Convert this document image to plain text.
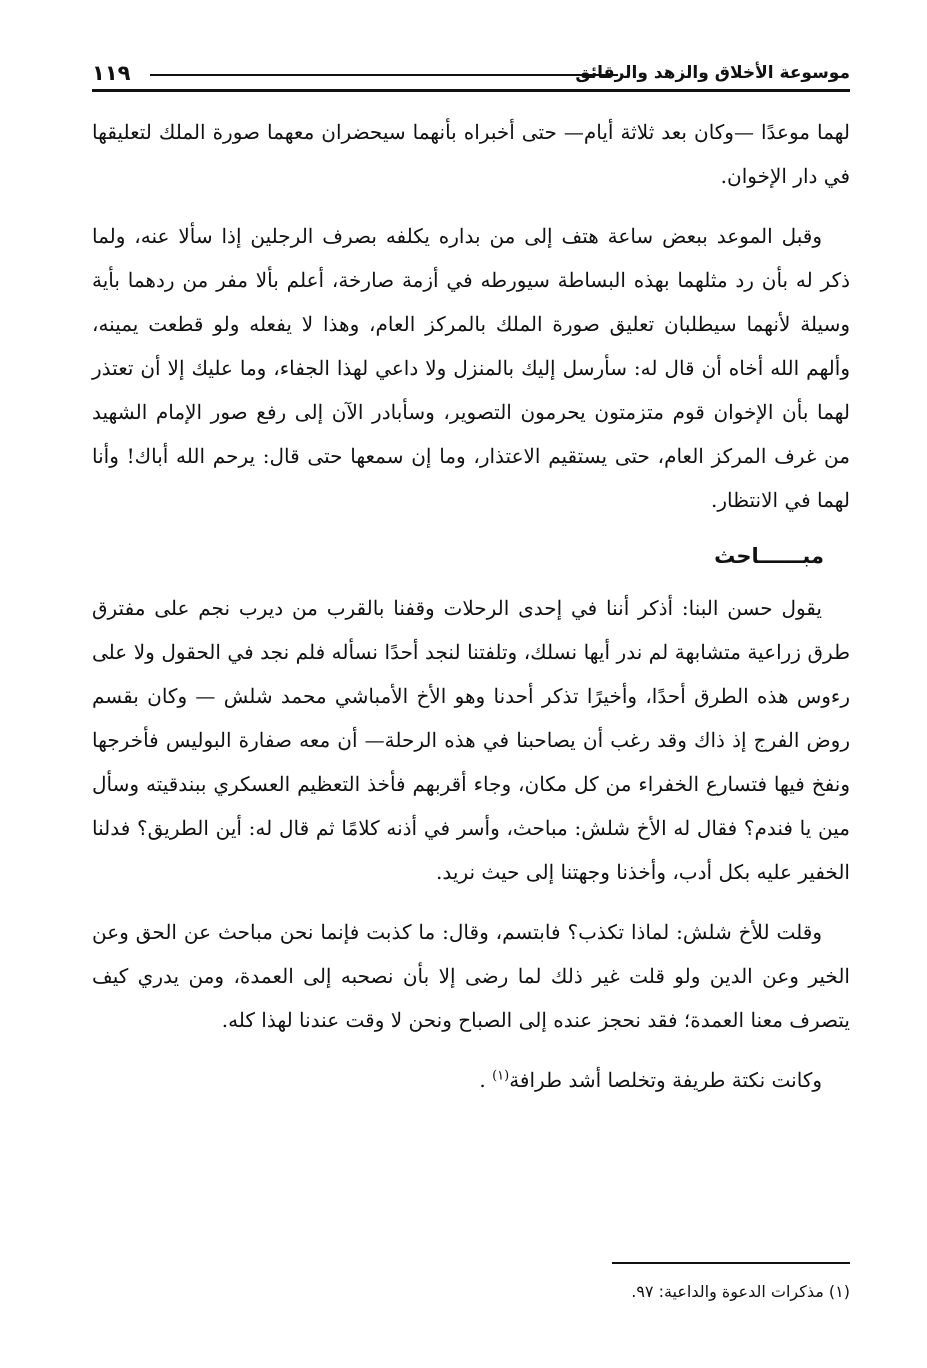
موسوعة الأخلاق والزهد والرقائق
١١٩

لهما موعدًا —وكان بعد ثلاثة أيام— حتى أخبراه بأنهما سيحضران معهما صورة الملك لتعليقها في دار الإخوان.

وقبل الموعد ببعض ساعة هتف إلى من بداره يكلفه بصرف الرجلين إذا سألا عنه، ولما ذكر له بأن رد مثلهما بهذه البساطة سيورطه في أزمة صارخة، أعلم بألا مفر من ردهما بأية وسيلة لأنهما سيطلبان تعليق صورة الملك بالمركز العام، وهذا لا يفعله ولو قطعت يمينه، وألهم الله أخاه أن قال له: سأرسل إليك بالمنزل ولا داعي لهذا الجفاء، وما عليك إلا أن تعتذر لهما بأن الإخوان قوم متزمتون يحرمون التصوير، وسأبادر الآن إلى رفع صور الإمام الشهيد من غرف المركز العام، حتى يستقيم الاعتذار، وما إن سمعها حتى قال: يرحم الله أباك! وأنا لهما في الانتظار.

مبــــــاحث

يقول حسن البنا: أذكر أننا في إحدى الرحلات وقفنا بالقرب من ديرب نجم على مفترق طرق زراعية متشابهة لم ندر أيها نسلك، وتلفتنا لنجد أحدًا نسأله فلم نجد في الحقول ولا على رءوس هذه الطرق أحدًا، وأخيرًا تذكر أحدنا وهو الأخ الأمباشي محمد شلش — وكان بقسم روض الفرج إذ ذاك وقد رغب أن يصاحبنا في هذه الرحلة— أن معه صفارة البوليس فأخرجها ونفخ فيها فتسارع الخفراء من كل مكان، وجاء أقربهم فأخذ التعظيم العسكري ببندقيته وسأل مين يا فندم؟ فقال له الأخ شلش: مباحث، وأسر في أذنه كلامًا ثم قال له: أين الطريق؟ فدلنا الخفير عليه بكل أدب، وأخذنا وجهتنا إلى حيث نريد.

وقلت للأخ شلش: لماذا تكذب؟ فابتسم، وقال: ما كذبت فإنما نحن مباحث عن الحق وعن الخير وعن الدين ولو قلت غير ذلك لما رضى إلا بأن نصحبه إلى العمدة، ومن يدري كيف يتصرف معنا العمدة؛ فقد نحجز عنده إلى الصباح ونحن لا وقت عندنا لهذا كله.

وكانت نكتة طريفة وتخلصا أشد طرافة$^{(١)}$ .

(١) مذكرات الدعوة والداعية: ٩٧.
